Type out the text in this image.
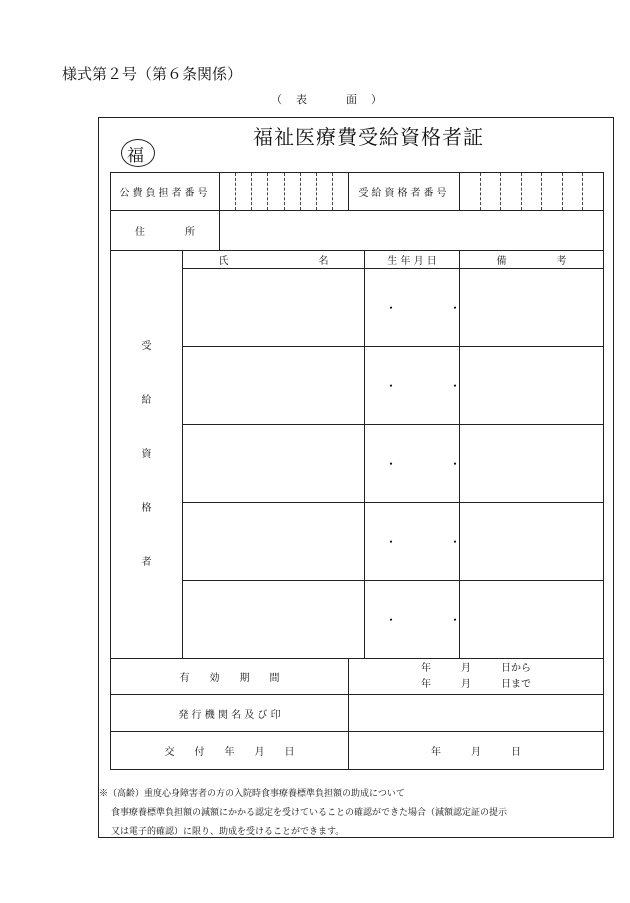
様式第２号（第６条関係）
（表　面）
福祉医療費受給資格者証
福
公費負担者番号			受給資格者番号		

住　　　　所					

受
給
資
格
者	氏　　　　　　　　　名			生 年 月 日	備　　　　　考
				・　・	
				・　・	
				・　・	
				・　・	
				・　・	
有　　効　　期　　間			年　　　月　　　日から
年　　　月　　　日まで		

発 行 機 関 名 及 び 印					
交　　付　　年　　月　　日			年　　　月　　　日		
※（高齢）重度心身障害者の方の入院時食事療養標準負担額の助成について
食事療養標準負担額の減額にかかる認定を受けていることの確認ができた場合（減額認定証の提示
又は電子的確認）に限り、助成を受けることができます。
